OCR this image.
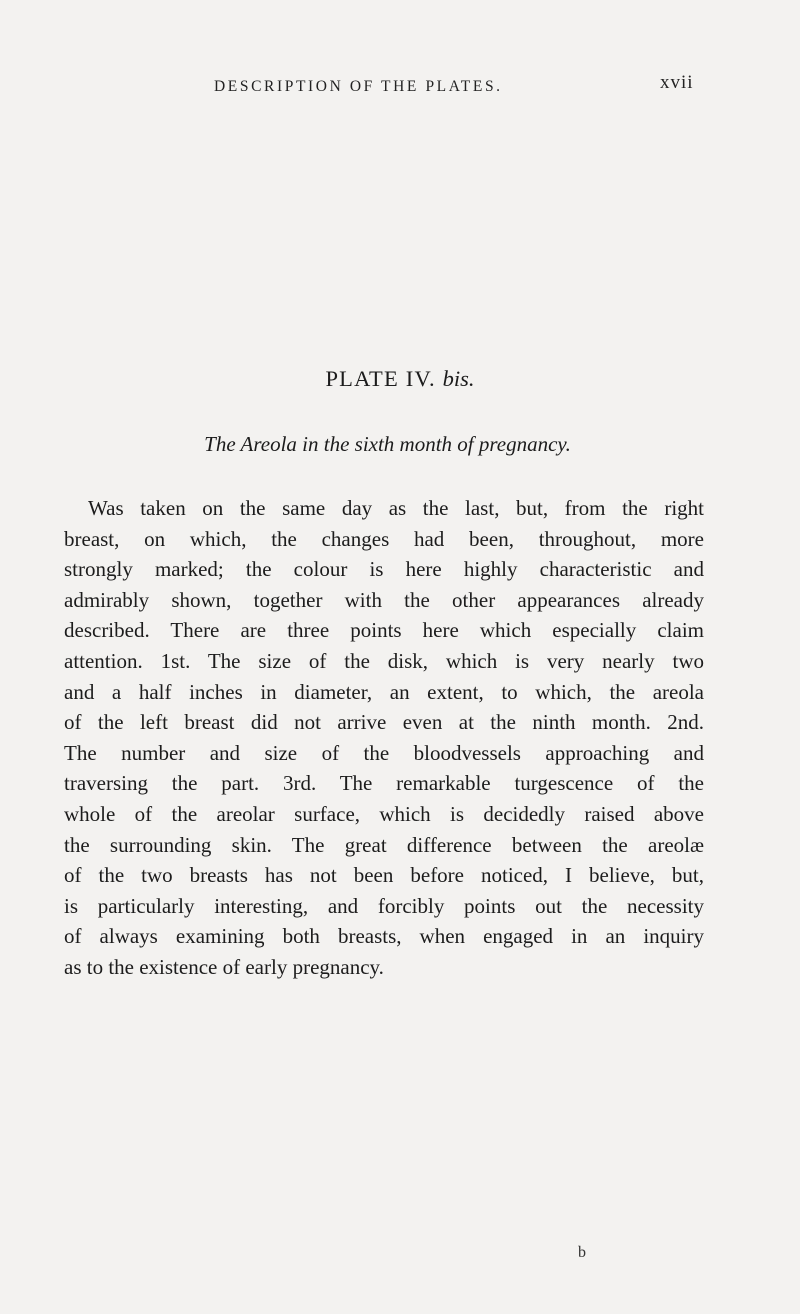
DESCRIPTION OF THE PLATES.	xvii
PLATE IV. bis.
The Areola in the sixth month of pregnancy.

Was taken on the same day as the last, but, from the right
breast, on which, the changes had been, throughout, more
strongly marked; the colour is here highly characteristic and
admirably shown, together with the other appearances already
described. There are three points here which especially claim
attention. 1st. The size of the disk, which is very nearly two
and a half inches in diameter, an extent, to which, the areola
of the left breast did not arrive even at the ninth month. 2nd.
The number and size of the bloodvessels approaching and
traversing the part. 3rd. The remarkable turgescence of the
whole of the areolar surface, which is decidedly raised above
the surrounding skin. The great difference between the areolæ
of the two breasts has not been before noticed, I believe, but,
is particularly interesting, and forcibly points out the necessity
of always examining both breasts, when engaged in an inquiry
as to the existence of early pregnancy.

b
